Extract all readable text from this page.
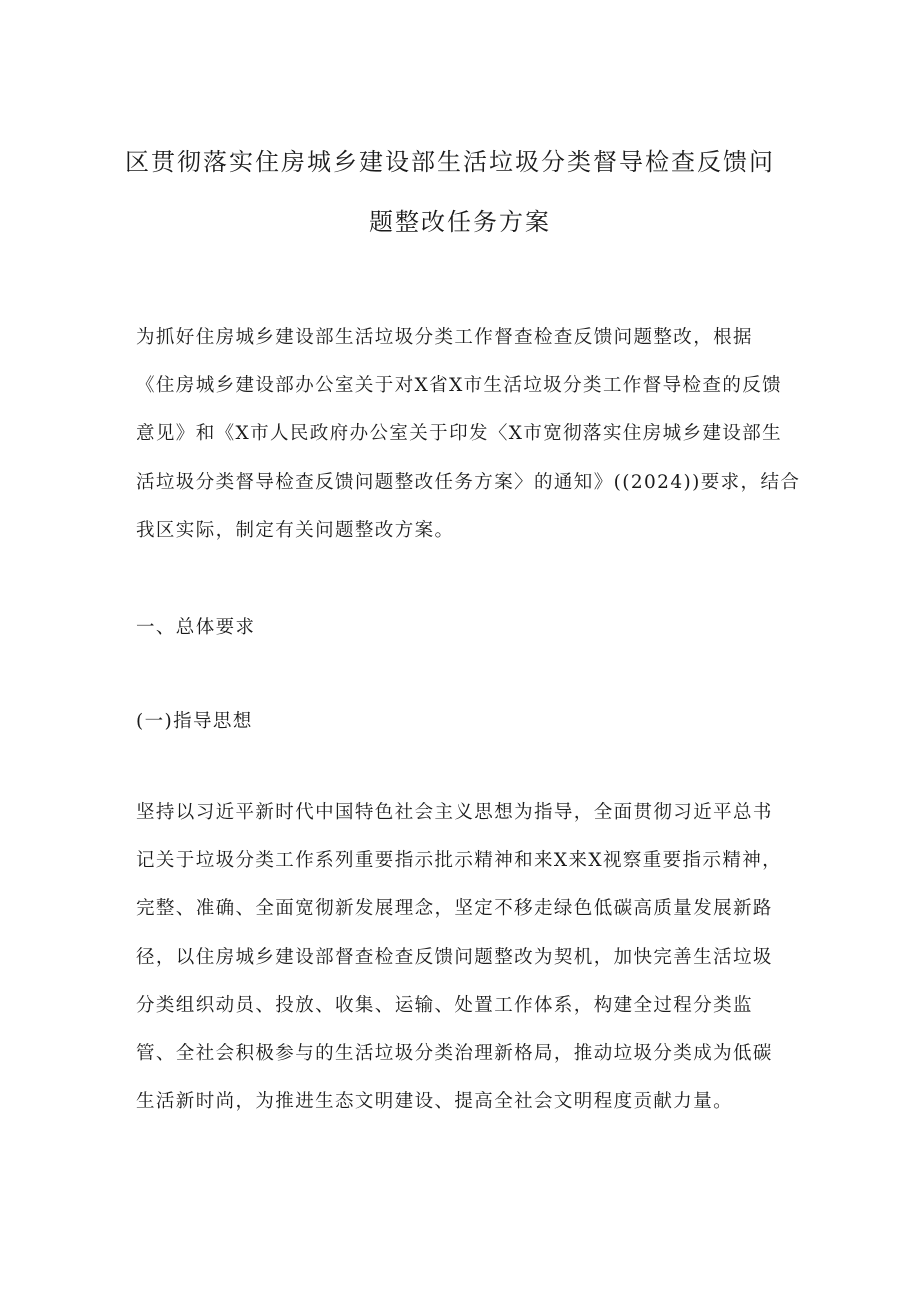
区贯彻落实住房城乡建设部生活垃圾分类督导检查反馈问
题整改任务方案

为抓好住房城乡建设部生活垃圾分类工作督查检查反馈问题整改，根据
《住房城乡建设部办公室关于对X省X市生活垃圾分类工作督导检查的反馈
意见》和《X市人民政府办公室关于印发〈X市宽彻落实住房城乡建设部生
活垃圾分类督导检查反馈问题整改任务方案〉的通知》((2024))要求，结合
我区实际，制定有关问题整改方案。

一、总体要求
(一)指导思想

坚持以习近平新时代中国特色社会主义思想为指导，全面贯彻习近平总书
记关于垃圾分类工作系列重要指示批示精神和来X来X视察重要指示精神，
完整、准确、全面宽彻新发展理念，坚定不移走绿色低碳高质量发展新路
径，以住房城乡建设部督查检查反馈问题整改为契机，加快完善生活垃圾
分类组织动员、投放、收集、运输、处置工作体系，构建全过程分类监
管、全社会积极参与的生活垃圾分类治理新格局，推动垃圾分类成为低碳
生活新时尚，为推进生态文明建设、提高全社会文明程度贡献力量。
